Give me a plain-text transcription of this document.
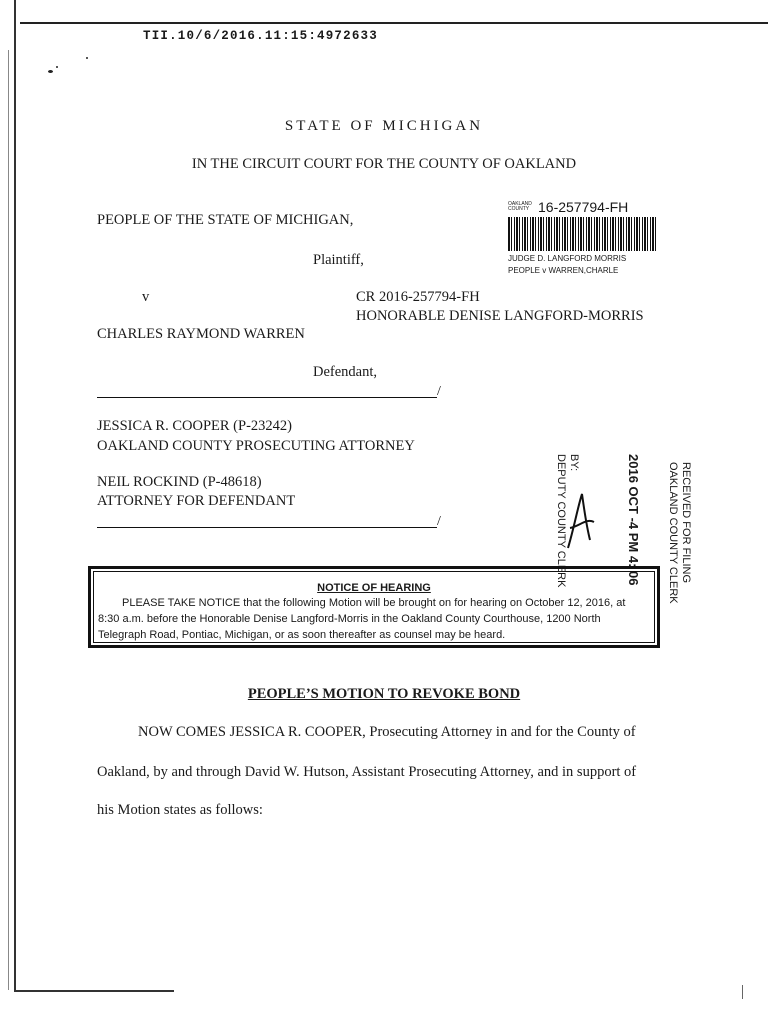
TII.10/6/2016.11:15:4972633
STATE OF MICHIGAN
IN THE CIRCUIT COURT FOR THE COUNTY OF OAKLAND
PEOPLE OF THE STATE OF MICHIGAN,
Plaintiff,
v	CR 2016-257794-FH
HONORABLE DENISE LANGFORD-MORRIS
CHARLES RAYMOND WARREN
Defendant,
/
OAKLAND
COUNTY 16-257794-FH
JUDGE D. LANGFORD MORRIS
PEOPLE v WARREN,CHARLE
JESSICA R. COOPER (P-23242)
OAKLAND COUNTY PROSECUTING ATTORNEY
NEIL ROCKIND (P-48618)
ATTORNEY FOR DEFENDANT
/	RECEIVED FOR FILING
OAKLAND COUNTY CLERK
2016 OCT -4 PM 4: 06
BY:
DEPUTY COUNTY CLERK
NOTICE OF HEARING
PLEASE TAKE NOTICE that the following Motion will be brought on for hearing on October 12, 2016, at
8:30 a.m. before the Honorable Denise Langford-Morris in the Oakland County Courthouse, 1200 North
Telegraph Road, Pontiac, Michigan, or as soon thereafter as counsel may be heard.
PEOPLE’S MOTION TO REVOKE BOND
NOW COMES JESSICA R. COOPER, Prosecuting Attorney in and for the County of
Oakland, by and through David W. Hutson, Assistant Prosecuting Attorney, and in support of
his Motion states as follows:
